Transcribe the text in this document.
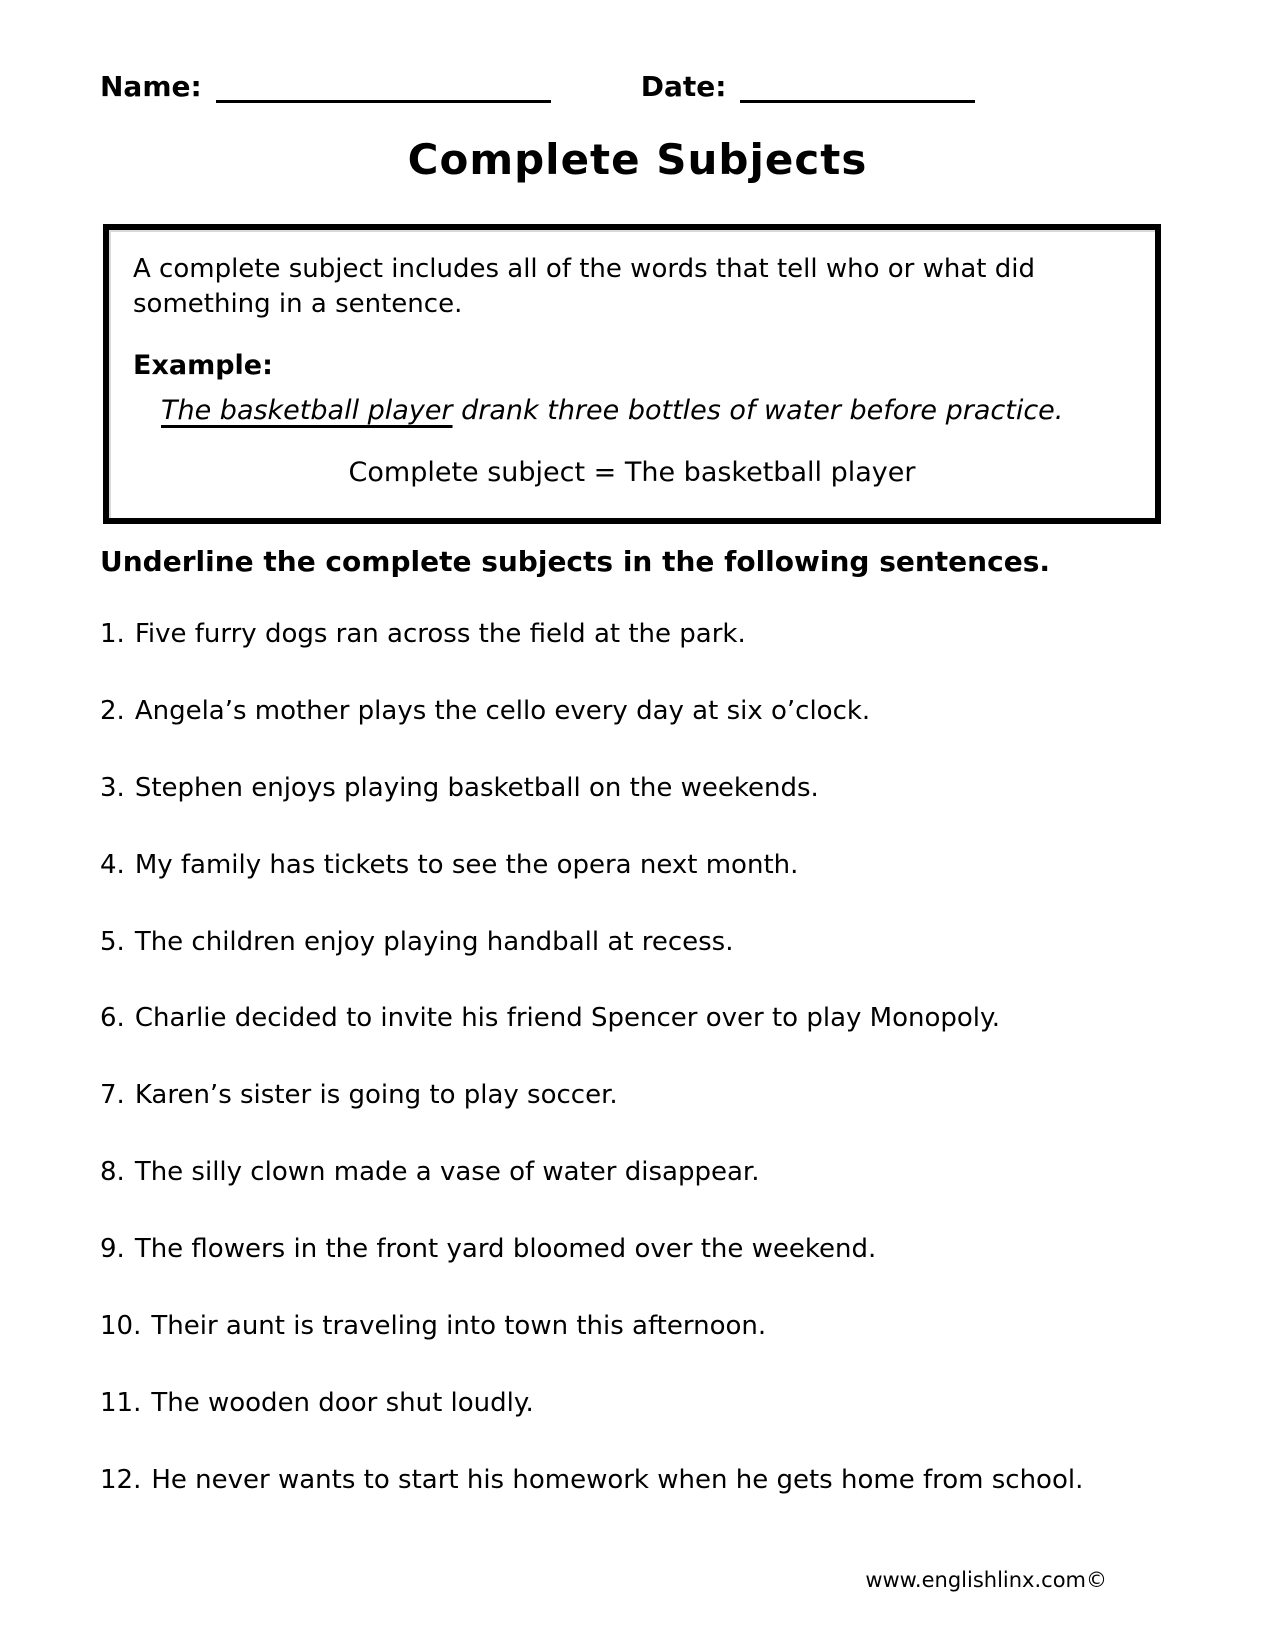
Name:	Date:
Complete Subjects

A complete subject includes all of the words that tell who or what did something in a sentence.

Example:

The basketball player drank three bottles of water before practice.

Complete subject = The basketball player

Underline the complete subjects in the following sentences.
1. Five furry dogs ran across the field at the park.
2. Angela’s mother plays the cello every day at six o’clock.
3. Stephen enjoys playing basketball on the weekends.
4. My family has tickets to see the opera next month.
5. The children enjoy playing handball at recess.
6. Charlie decided to invite his friend Spencer over to play Monopoly.
7. Karen’s sister is going to play soccer.
8. The silly clown made a vase of water disappear.
9. The flowers in the front yard bloomed over the weekend.
10. Their aunt is traveling into town this afternoon.
11. The wooden door shut loudly.
12. He never wants to start his homework when he gets home from school.
www.englishlinx.com©
